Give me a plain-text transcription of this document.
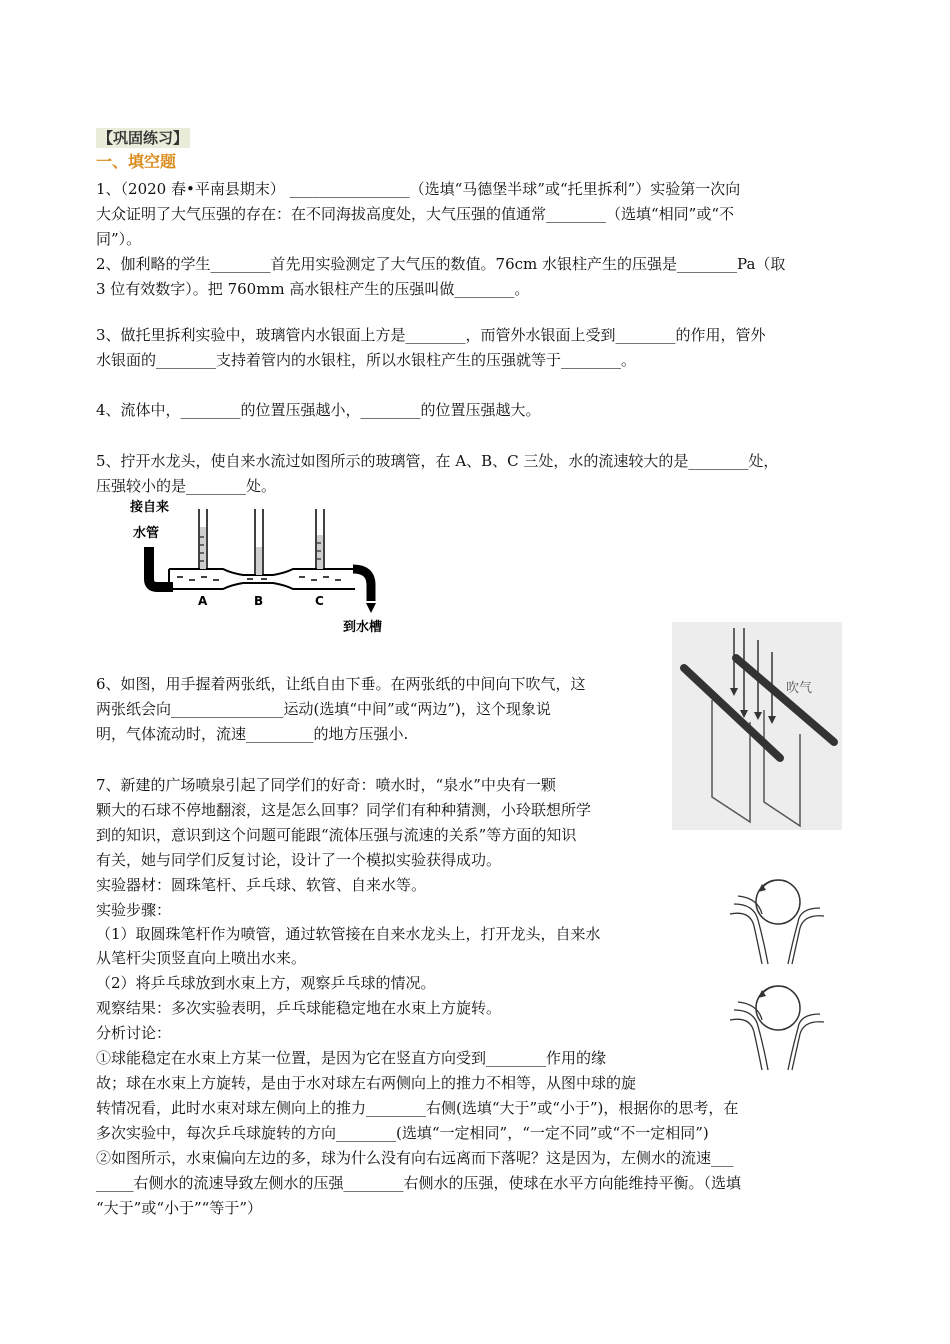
【巩固练习】
一、填空题
1、（2020 春•平南县期末） ________________（选填“马德堡半球”或“托里拆利”）实验第一次向
大众证明了大气压强的存在：在不同海拔高度处，大气压强的值通常________（选填“相同”或“不
同”）。
2、伽利略的学生________首先用实验测定了大气压的数值。76cm 水银柱产生的压强是________Pa（取
3 位有效数字）。把 760mm 高水银柱产生的压强叫做________。
3、做托里拆利实验中，玻璃管内水银面上方是________，而管外水银面上受到________的作用，管外
水银面的________支持着管内的水银柱，所以水银柱产生的压强就等于________。
4、流体中，________的位置压强越小，________的位置压强越大。
5、拧开水龙头，使自来水流过如图所示的玻璃管，在 A、B、C 三处，水的流速较大的是________处，
压强较小的是________处。
接自来
水管
A	B	C
到水槽
吹气
6、如图，用手握着两张纸，让纸自由下垂。在两张纸的中间向下吹气，这
两张纸会向_______________运动(选填“中间”或“两边”)，这个现象说
明，气体流动时，流速_________的地方压强小.
7、新建的广场喷泉引起了同学们的好奇：喷水时，“泉水”中央有一颗
颗大的石球不停地翻滚，这是怎么回事？同学们有种种猜测，小玲联想所学
到的知识，意识到这个问题可能跟“流体压强与流速的关系”等方面的知识
有关，她与同学们反复讨论，设计了一个模拟实验获得成功。
实验器材：圆珠笔杆、乒乓球、软管、自来水等。
实验步骤：
（1）取圆珠笔杆作为喷管，通过软管接在自来水龙头上，打开龙头，自来水
从笔杆尖顶竖直向上喷出水来。
（2）将乒乓球放到水束上方，观察乒乓球的情况。
观察结果：多次实验表明，乒乓球能稳定地在水束上方旋转。
分析讨论：
①球能稳定在水束上方某一位置，是因为它在竖直方向受到________作用的缘
故；球在水束上方旋转，是由于水对球左右两侧向上的推力不相等，从图中球的旋
转情况看，此时水束对球左侧向上的推力________右侧(选填“大于”或“小于”)，根据你的思考，在
多次实验中，每次乒乓球旋转的方向________(选填“一定相同”，“一定不同”或“不一定相同”)
②如图所示，水束偏向左边的多，球为什么没有向右远离而下落呢？这是因为，左侧水的流速___
_____右侧水的流速导致左侧水的压强________右侧水的压强，使球在水平方向能维持平衡。（选填
“大于”或“小于”“等于”）
